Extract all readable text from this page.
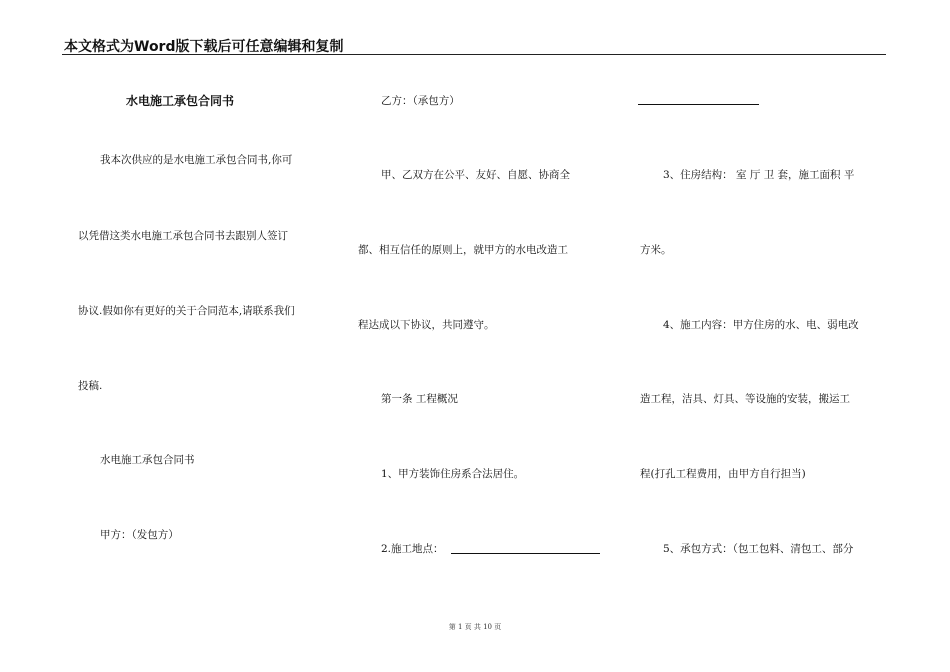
本文格式为Word版下载后可任意编辑和复制
水电施工承包合同书
我本次供应的是水电施工承包合同书,你可
以凭借这类水电施工承包合同书去跟别人签订
协议.假如你有更好的关于合同范本,请联系我们
投稿.
水电施工承包合同书
甲方：（发包方）
乙方：（承包方）
甲、乙双方在公平、友好、自愿、协商全
都、相互信任的原则上，就甲方的水电改造工
程达成以下协议，共同遵守。
第一条 工程概况
1、甲方装饰住房系合法居住。
2.施工地点：
3、住房结构： 室 厅 卫 套，施工面积 平
方米。
4、施工内容：甲方住房的水、电、弱电改
造工程，洁具、灯具、等设施的安装，搬运工
程(打孔工程费用，由甲方自行担当)
5、承包方式：（包工包料、清包工、部分
第 1 页 共 10 页
